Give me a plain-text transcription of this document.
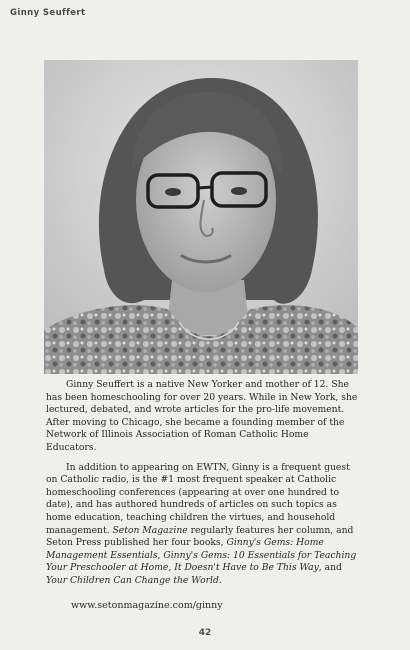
Ginny Seuffert

Ginny Seuffert is a native New Yorker and mother of 12. She has been homeschooling for over 20 years. While in New York, she lectured, debated, and wrote articles for the pro-life movement. After moving to Chicago, she became a founding member of the Network of Illinois Association of Roman Catholic Home Educators.

In addition to appearing on EWTN, Ginny is a frequent guest on Catholic radio, is the #1 most frequent speaker at Catholic homeschooling conferences (appearing at over one hundred to date), and has authored hundreds of articles on such topics as home education, teaching children the virtues, and household management. Seton Magazine regularly features her column, and Seton Press published her four books, Ginny's Gems: Home Management Essentials, Ginny's Gems: 10 Essentials for Teaching Your Preschooler at Home, It Doesn't Have to Be This Way, and Your Children Can Change the World.

www.setonmagazine.com/ginny
42
